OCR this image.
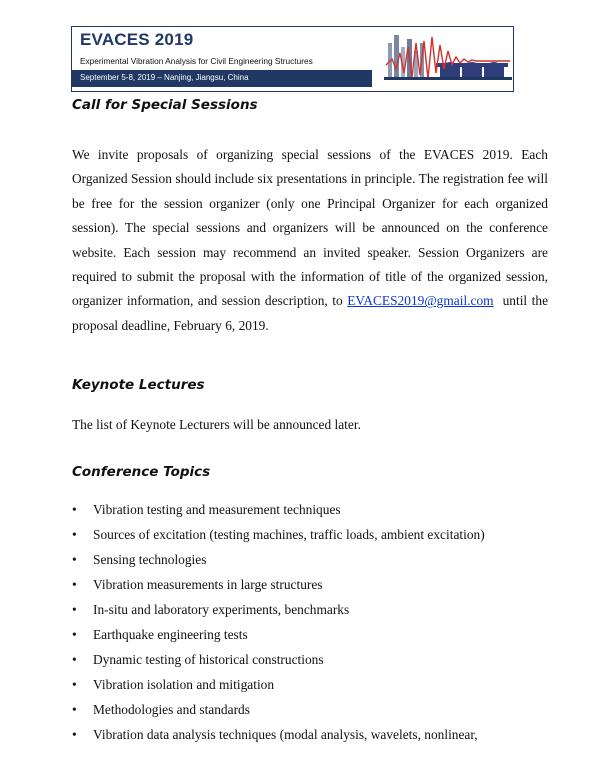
EVACES 2019
Experimental Vibration Analysis for Civil Engineering Structures
September 5-8, 2019 – Nanjing, Jiangsu, China
Call for Special Sessions

We invite proposals of organizing special sessions of the EVACES 2019. Each Organized Session should include six presentations in principle. The registration fee will be free for the session organizer (only one Principal Organizer for each organized session). The special sessions and organizers will be announced on the conference website. Each session may recommend an invited speaker. Session Organizers are required to submit the proposal with the information of title of the organized session, organizer information, and session description, to EVACES2019@gmail.com until the proposal deadline, February 6, 2019.

Keynote Lectures

The list of Keynote Lecturers will be announced later.

Conference Topics
• Vibration testing and measurement techniques
• Sources of excitation (testing machines, traffic loads, ambient excitation)
• Sensing technologies
• Vibration measurements in large structures
• In-situ and laboratory experiments, benchmarks
• Earthquake engineering tests
• Dynamic testing of historical constructions
• Vibration isolation and mitigation
• Methodologies and standards
• Vibration data analysis techniques (modal analysis, wavelets, nonlinear,
